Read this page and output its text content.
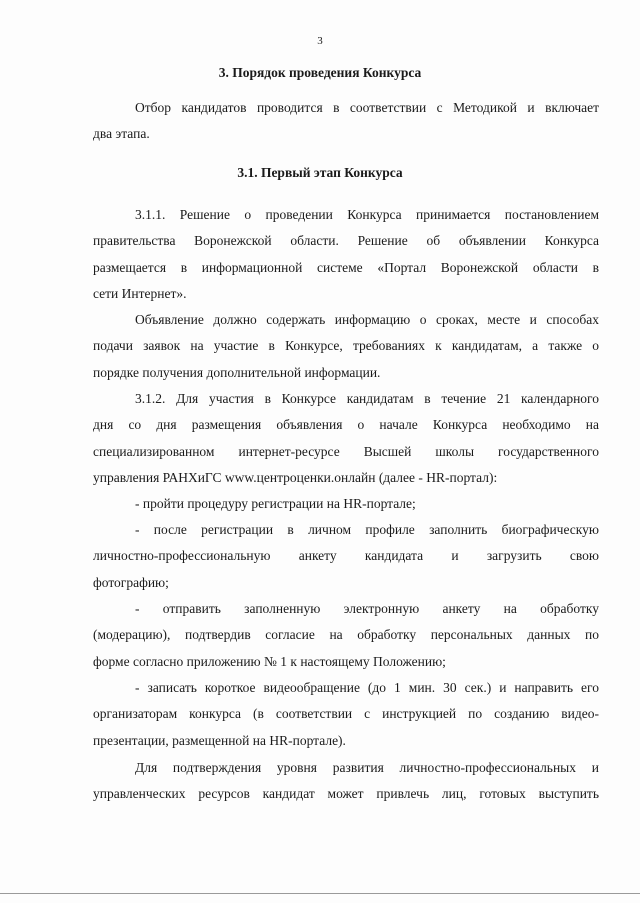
3
3. Порядок проведения Конкурса
Отбор кандидатов проводится в соответствии с Методикой и включает
два этапа.
3.1. Первый этап Конкурса
3.1.1. Решение о проведении Конкурса принимается постановлением
правительства Воронежской области. Решение об объявлении Конкурса
размещается в информационной системе «Портал Воронежской области в
сети Интернет».
Объявление должно содержать информацию о сроках, месте и способах
подачи заявок на участие в Конкурсе, требованиях к кандидатам, а также о
порядке получения дополнительной информации.
3.1.2. Для участия в Конкурсе кандидатам в течение 21 календарного
дня со дня размещения объявления о начале Конкурса необходимо на
специализированном интернет-ресурсе Высшей школы государственного
управления РАНХиГС www.центроценки.онлайн (далее - HR-портал):
- пройти процедуру регистрации на HR-портале;
- после регистрации в личном профиле заполнить биографическую
личностно-профессиональную анкету кандидата и загрузить свою
фотографию;
- отправить заполненную электронную анкету на обработку
(модерацию), подтвердив согласие на обработку персональных данных по
форме согласно приложению № 1 к настоящему Положению;
- записать короткое видеообращение (до 1 мин. 30 сек.) и направить его
организаторам конкурса (в соответствии с инструкцией по созданию видео-
презентации, размещенной на HR-портале).
Для подтверждения уровня развития личностно-профессиональных и
управленческих ресурсов кандидат может привлечь лиц, готовых выступить
